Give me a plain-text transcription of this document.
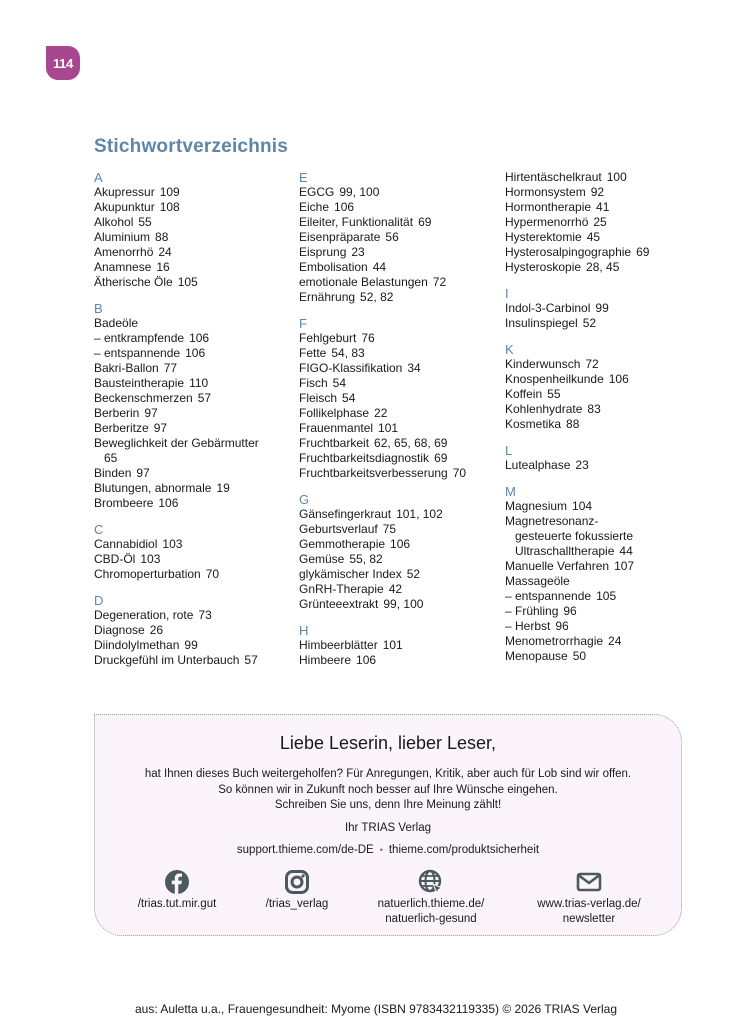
114
Stichwortverzeichnis
A
Akupressur 109
Akupunktur 108
Alkohol 55
Aluminium 88
Amenorrhö 24
Anamnese 16
Ätherische Öle 105
B
Badeöle
– entkrampfende 106
– entspannende 106
Bakri-Ballon 77
Bausteintherapie 110
Beckenschmerzen 57
Berberin 97
Berberitze 97
Beweglichkeit der Gebärmutter
65
Binden 97
Blutungen, abnormale 19
Brombeere 106
C
Cannabidiol 103
CBD-Öl 103
Chromoperturbation 70
D
Degeneration, rote 73
Diagnose 26
Diindolylmethan 99
Druckgefühl im Unterbauch 57
E
EGCG 99, 100
Eiche 106
Eileiter, Funktionalität 69
Eisenpräparate 56
Eisprung 23
Embolisation 44
emotionale Belastungen 72
Ernährung 52, 82
F
Fehlgeburt 76
Fette 54, 83
FIGO-Klassifikation 34
Fisch 54
Fleisch 54
Follikelphase 22
Frauenmantel 101
Fruchtbarkeit 62, 65, 68, 69
Fruchtbarkeitsdiagnostik 69
Fruchtbarkeitsverbesserung 70
G
Gänsefingerkraut 101, 102
Geburtsverlauf 75
Gemmotherapie 106
Gemüse 55, 82
glykämischer Index 52
GnRH-Therapie 42
Grünteeextrakt 99, 100
H
Himbeerblätter 101
Himbeere 106
Hirtentäschelkraut 100
Hormonsystem 92
Hormontherapie 41
Hypermenorrhö 25
Hysterektomie 45
Hysterosalpingographie 69
Hysteroskopie 28, 45
I
Indol-3-Carbinol 99
Insulinspiegel 52
K
Kinderwunsch 72
Knospenheilkunde 106
Koffein 55
Kohlenhydrate 83
Kosmetika 88
L
Lutealphase 23
M
Magnesium 104
Magnetresonanz-
gesteuerte fokussierte
Ultraschalltherapie 44
Manuelle Verfahren 107
Massageöle
– entspannende 105
– Frühling 96
– Herbst 96
Menometrorrhagie 24
Menopause 50
Liebe Leserin, lieber Leser,
hat Ihnen dieses Buch weitergeholfen? Für Anregungen, Kritik, aber auch für Lob sind wir offen.
So können wir in Zukunft noch besser auf Ihre Wünsche eingehen.
Schreiben Sie uns, denn Ihre Meinung zählt!
Ihr TRIAS Verlag
support.thieme.com/de-DE • thieme.com/produktsicherheit
/trias.tut.mir.gut	/trias_verlag	natuerlich.thieme.de/
natuerlich-gesund
www.trias-verlag.de/
newsletter
aus: Auletta u.a., Frauengesundheit: Myome (ISBN 9783432119335) © 2026 TRIAS Verlag
